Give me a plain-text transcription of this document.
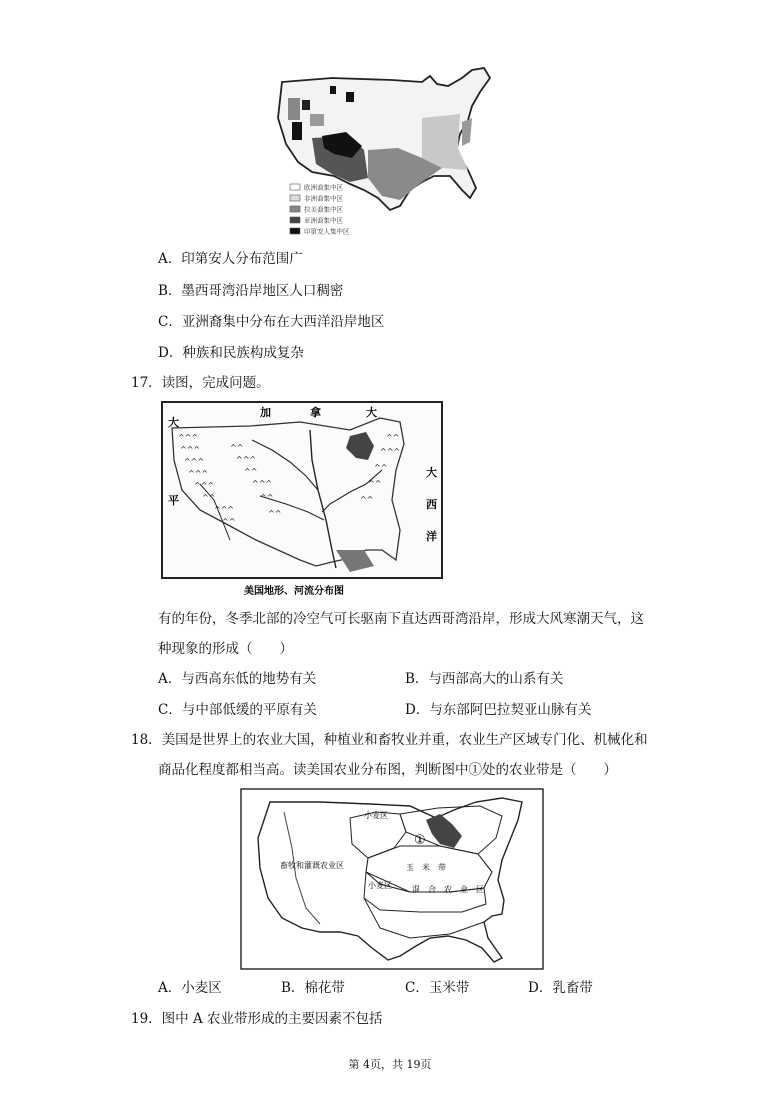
欧洲裔集中区
非洲裔集中区
拉美裔集中区
亚洲裔集中区
印第安人集中区
A．印第安人分布范围广
B．墨西哥湾沿岸地区人口稠密
C．亚洲裔集中分布在大西洋沿岸地区
D．种族和民族构成复杂
17．读图，完成问题。
^^^
^^^
^^^
^^^
^^^
^^
^^^
^^
^^
^^^
^^
^^^
^^
^^
^^
^^^
^^
^^
^^
加	拿	大
大
平
大
西
洋
美国地形、河流分布图
有的年份，冬季北部的冷空气可长驱南下直达西哥湾沿岸，形成大风寒潮天气，这
种现象的形成（　　）
A．与西高东低的地势有关	B．与西部高大的山系有关
C．与中部低缓的平原有关	D．与东部阿巴拉契亚山脉有关
18．美国是世界上的农业大国，种植业和畜牧业并重，农业生产区域专门化、机械化和
商品化程度都相当高。读美国农业分布图，判断图中①处的农业带是（　　）
小麦区
①
畜牧和灌溉农业区	玉　米　带
小麦区	混　合　农　业　区
A．小麦区	B．棉花带	C．玉米带	D．乳畜带
19．图中 A 农业带形成的主要因素不包括
第 4页，共 19页
